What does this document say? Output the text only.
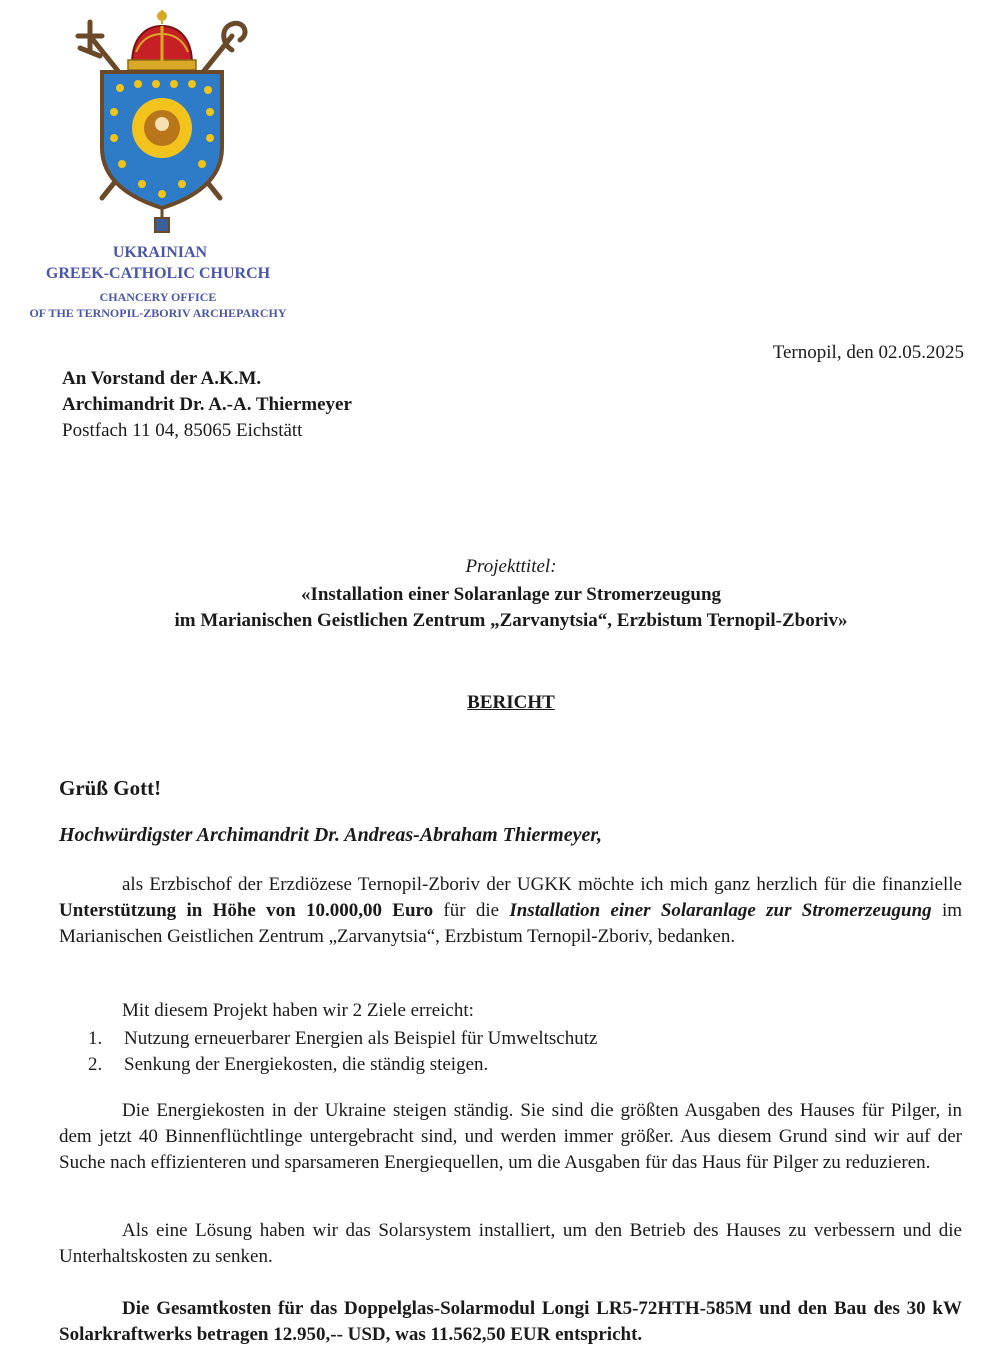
UKRAINIAN
GREEK-CATHOLIC CHURCH
CHANCERY OFFICE
OF THE TERNOPIL-ZBORIV ARCHEPARCHY
Ternopil, den 02.05.2025
An Vorstand der A.K.M.
Archimandrit Dr. A.-A. Thiermeyer
Postfach 11 04, 85065 Eichstätt
Projekttitel:
«Installation einer Solaranlage zur Stromerzeugung
im Marianischen Geistlichen Zentrum „Zarvanytsia“, Erzbistum Ternopil-Zboriv»
BERICHT
Grüß Gott!
Hochwürdigster Archimandrit Dr. Andreas-Abraham Thiermeyer,
als Erzbischof der Erzdiözese Ternopil-Zboriv der UGKK möchte ich mich ganz herzlich für die finanzielle Unterstützung in Höhe von 10.000,00 Euro für die Installation einer Solaranlage zur Stromerzeugung im Marianischen Geistlichen Zentrum „Zarvanytsia“, Erzbistum Ternopil-Zboriv, bedanken.
Mit diesem Projekt haben wir 2 Ziele erreicht:
1.	Nutzung erneuerbarer Energien als Beispiel für Umweltschutz
2.	Senkung der Energiekosten, die ständig steigen.
Die Energiekosten in der Ukraine steigen ständig. Sie sind die größten Ausgaben des Hauses für Pilger, in dem jetzt 40 Binnenflüchtlinge untergebracht sind, und werden immer größer. Aus diesem Grund sind wir auf der Suche nach effizienteren und sparsameren Energiequellen, um die Ausgaben für das Haus für Pilger zu reduzieren.
Als eine Lösung haben wir das Solarsystem installiert, um den Betrieb des Hauses zu verbessern und die Unterhaltskosten zu senken.
Die Gesamtkosten für das Doppelglas-Solarmodul Longi LR5-72HTH-585M und den Bau des 30 kW Solarkraftwerks betragen 12.950,-- USD, was 11.562,50 EUR entspricht.
